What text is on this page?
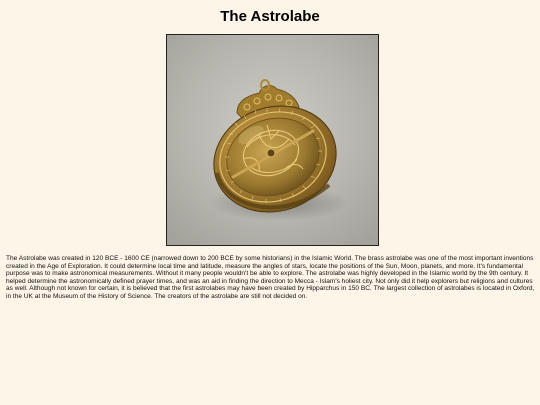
The Astrolabe

The Astrolabe was created in 120 BCE - 1600 CE (narrowed down to 200 BCE by some historians) in the Islamic World. The brass astrolabe was one of the most important inventions created in the Age of Exploration. It could determine local time and latitude, measure the angles of stars, locate the positions of the Sun, Moon, planets, and more. It's fundamental purpose was to make astronomical measurements. Without it many people wouldn't be able to explore. The astrolabe was highly developed in the Islamic world by the 9th century. It helped determine the astronomically defined prayer times, and was an aid in finding the direction to Mecca - Islam's holiest city. Not only did it help explorers but religions and cultures as well. Although not known for certain, it is believed that the first astrolabes may have been created by Hipparchus in 150 BC. The largest collection of astrolabes is located in Oxford, in the UK at the Museum of the History of Science. The creators of the astrolabe are still not decided on.
